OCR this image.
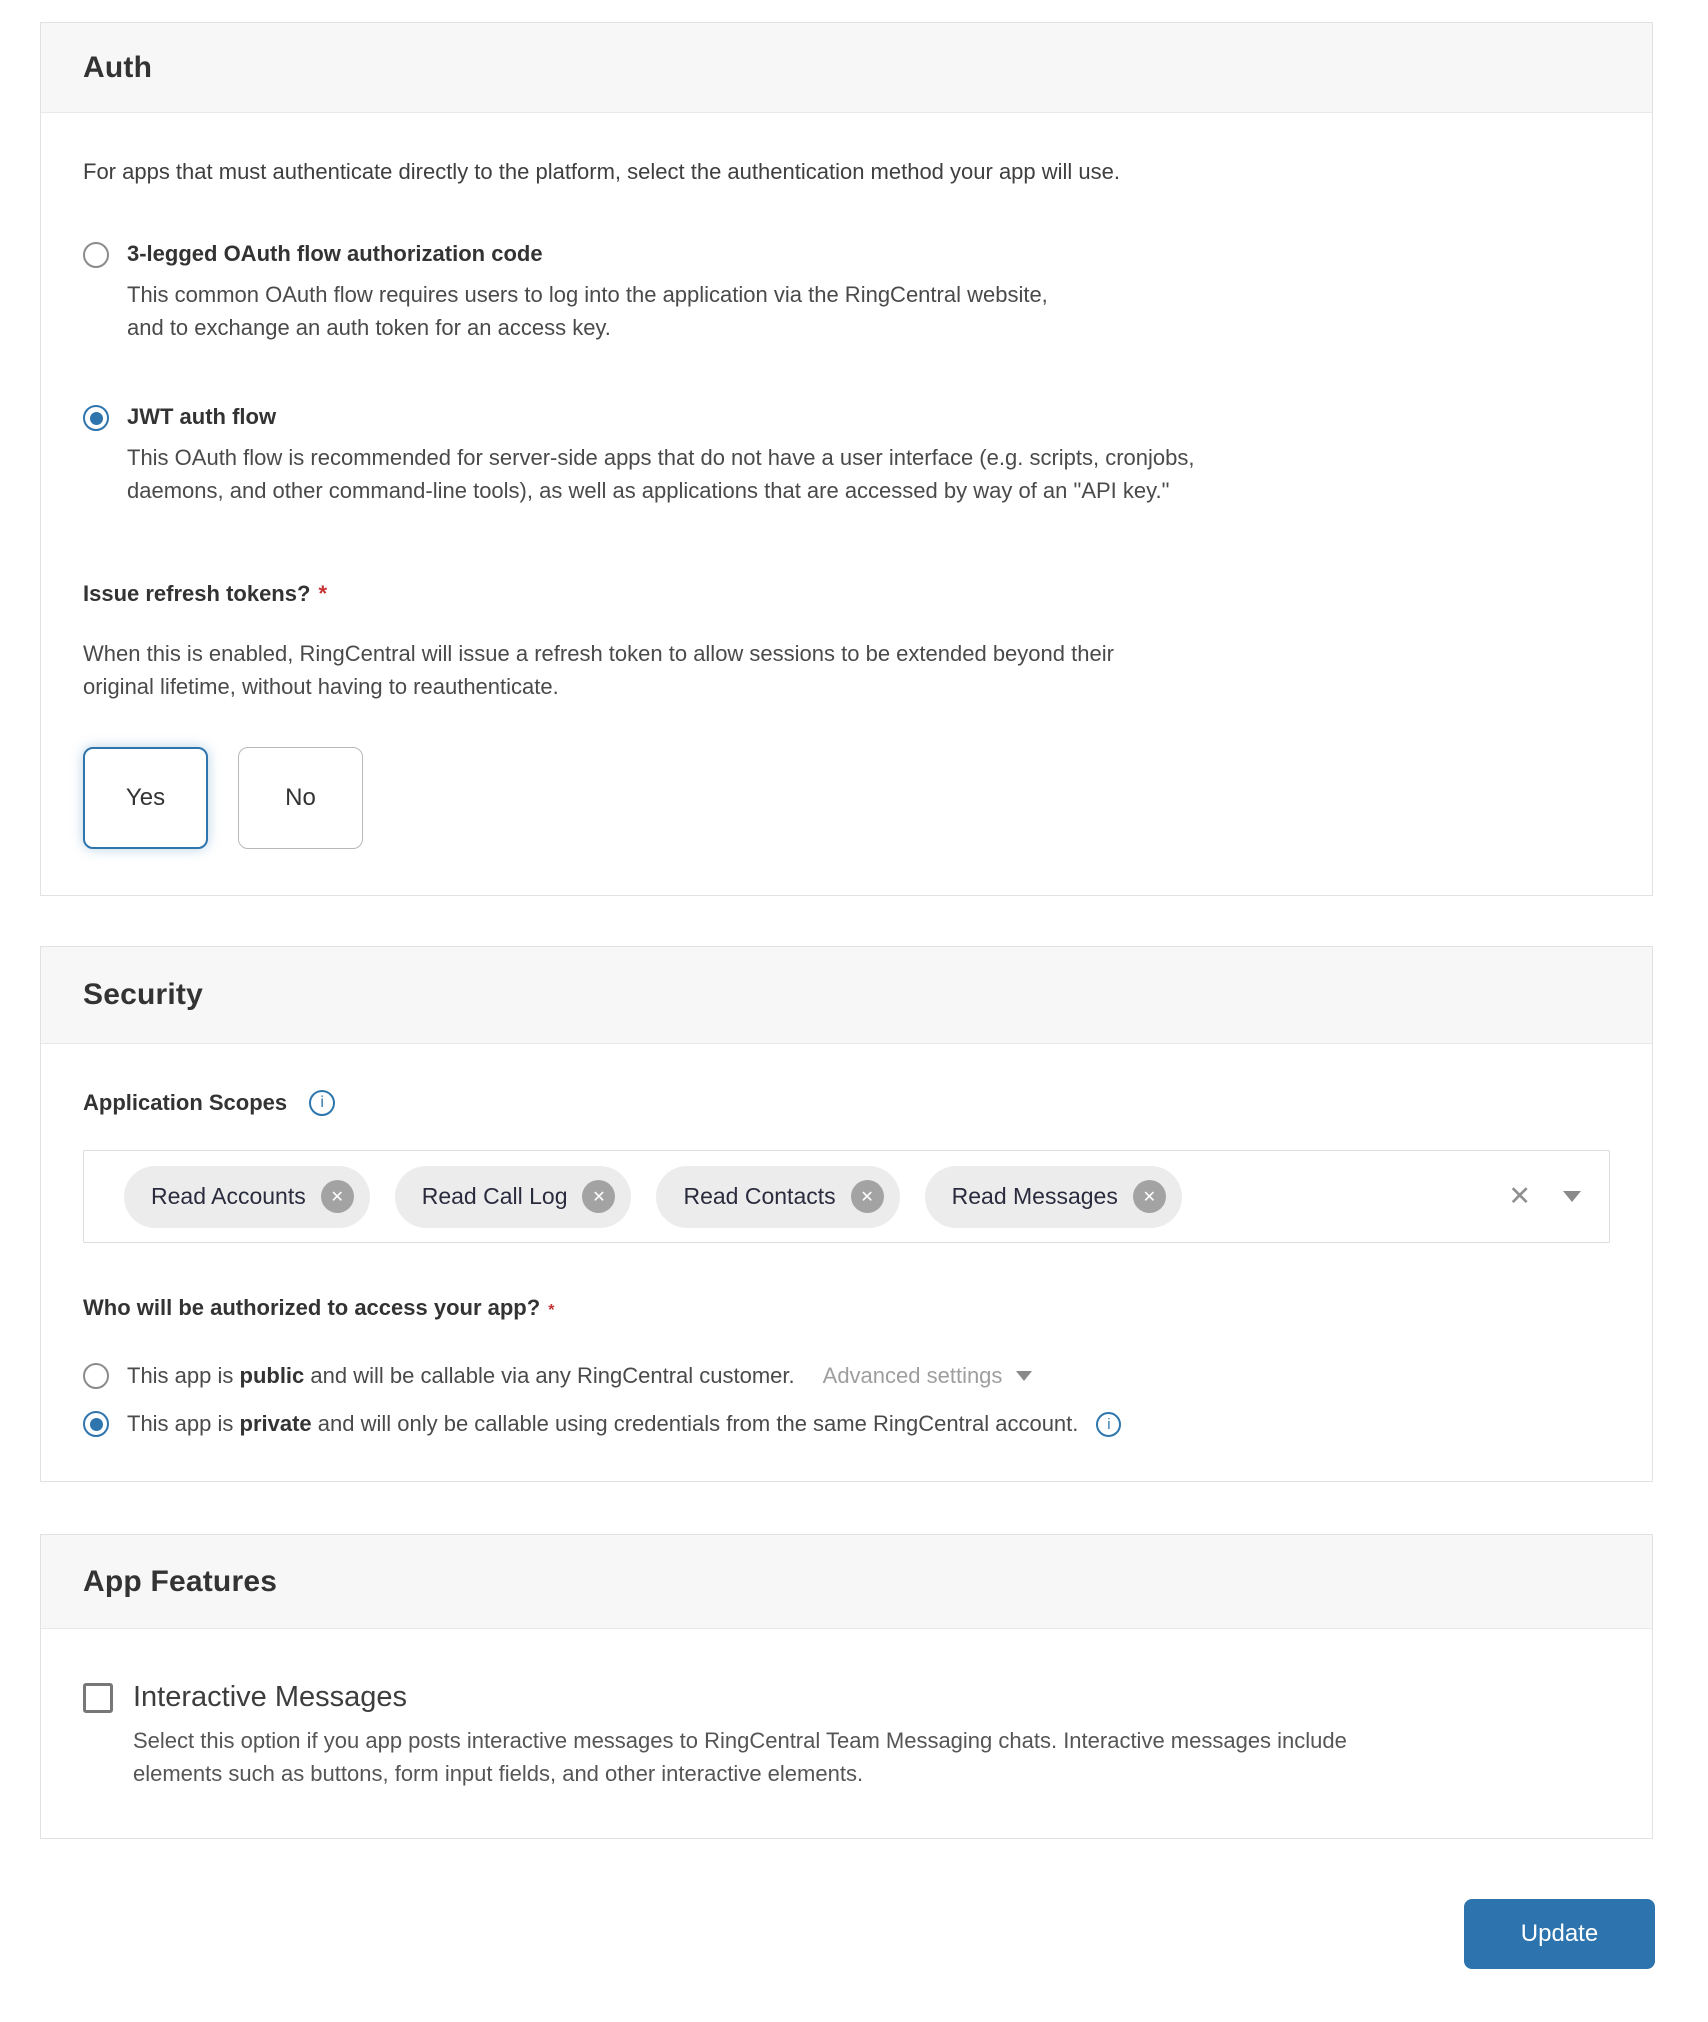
Auth
For apps that must authenticate directly to the platform, select the authentication method your app will use.
3-legged OAuth flow authorization code
This common OAuth flow requires users to log into the application via the RingCentral website,
and to exchange an auth token for an access key.
JWT auth flow
This OAuth flow is recommended for server-side apps that do not have a user interface (e.g. scripts, cronjobs,
daemons, and other command-line tools), as well as applications that are accessed by way of an "API key."
Issue refresh tokens? *
When this is enabled, RingCentral will issue a refresh token to allow sessions to be extended beyond their
original lifetime, without having to reauthenticate.
Yes	No
Security
Application Scopes	i
Read Accounts	✕	Read Call Log	✕	Read Contacts	✕	Read Messages	✕	✕
Who will be authorized to access your app? *
This app is public and will be callable via any RingCentral customer. Advanced settings
This app is private and will only be callable using credentials from the same RingCentral account.	i
App Features
Interactive Messages
Select this option if you app posts interactive messages to RingCentral Team Messaging chats. Interactive messages include
elements such as buttons, form input fields, and other interactive elements.
Update
